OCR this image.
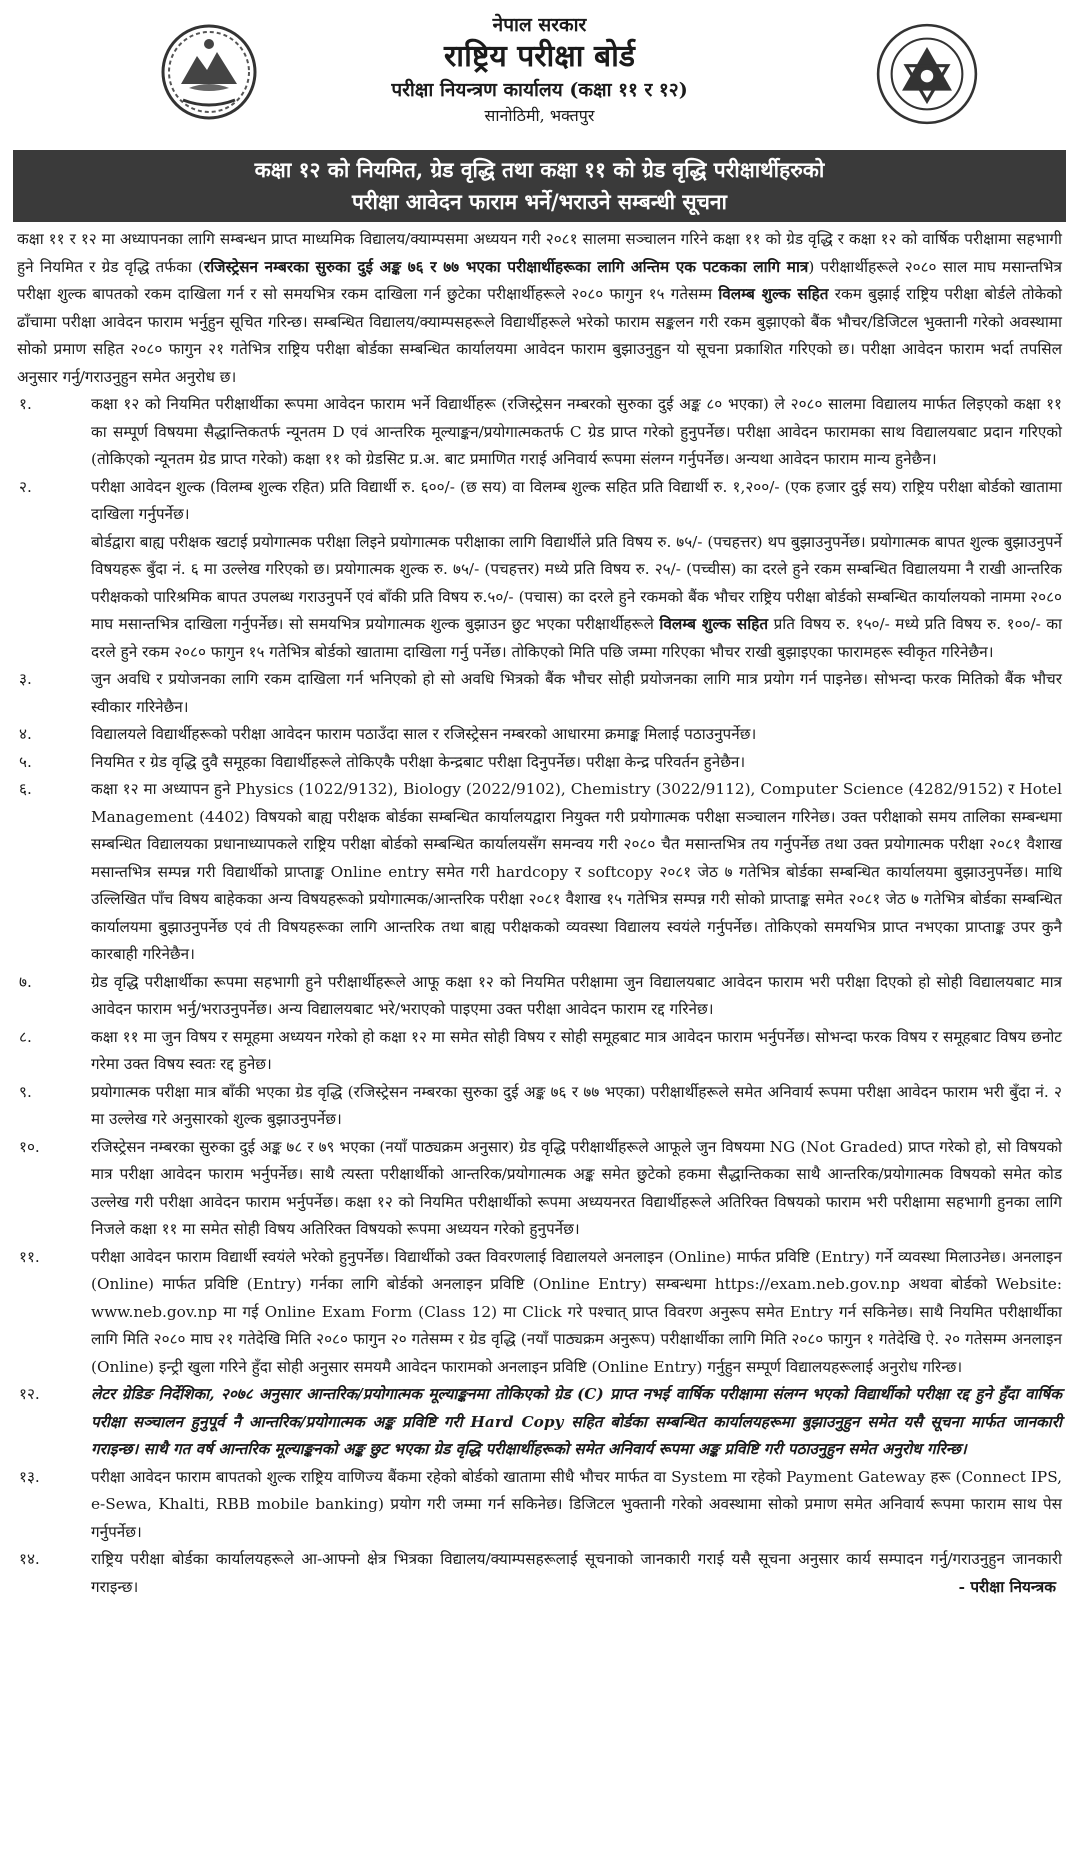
नेपाल सरकार
राष्ट्रिय परीक्षा बोर्ड
परीक्षा नियन्त्रण कार्यालय (कक्षा ११ र १२)
सानोठिमी, भक्तपुर
कक्षा १२ को नियमित, ग्रेड वृद्धि तथा कक्षा ११ को ग्रेड वृद्धि परीक्षार्थीहरुको
परीक्षा आवेदन फाराम भर्ने/भराउने सम्बन्धी सूचना

कक्षा ११ र १२ मा अध्यापनका लागि सम्बन्धन प्राप्त माध्यमिक विद्यालय/क्याम्पसमा अध्ययन गरी २०८१ सालमा सञ्चालन गरिने कक्षा ११ को ग्रेड वृद्धि र कक्षा १२ को वार्षिक परीक्षामा सहभागी हुने नियमित र ग्रेड वृद्धि तर्फका (रजिस्ट्रेसन नम्बरका सुरुका दुई अङ्क ७६ र ७७ भएका परीक्षार्थीहरूका लागि अन्तिम एक पटकका लागि मात्र) परीक्षार्थीहरूले २०८० साल माघ मसान्तभित्र परीक्षा शुल्क बापतको रकम दाखिला गर्न र सो समयभित्र रकम दाखिला गर्न छुटेका परीक्षार्थीहरूले २०८० फागुन १५ गतेसम्म विलम्ब शुल्क सहित रकम बुझाई राष्ट्रिय परीक्षा बोर्डले तोकेको ढाँचामा परीक्षा आवेदन फाराम भर्नुहुन सूचित गरिन्छ। सम्बन्धित विद्यालय/क्याम्पसहरूले विद्यार्थीहरूले भरेको फाराम सङ्कलन गरी रकम बुझाएको बैंक भौचर/डिजिटल भुक्तानी गरेको अवस्थामा सोको प्रमाण सहित २०८० फागुन २१ गतेभित्र राष्ट्रिय परीक्षा बोर्डका सम्बन्धित कार्यालयमा आवेदन फाराम बुझाउनुहुन यो सूचना प्रकाशित गरिएको छ। परीक्षा आवेदन फाराम भर्दा तपसिल अनुसार गर्नु/गराउनुहुन समेत अनुरोध छ।

१.	कक्षा १२ को नियमित परीक्षार्थीका रूपमा आवेदन फाराम भर्ने विद्यार्थीहरू (रजिस्ट्रेसन नम्बरको सुरुका दुई अङ्क ८० भएका) ले २०८० सालमा विद्यालय मार्फत लिइएको कक्षा ११ का सम्पूर्ण विषयमा सैद्धान्तिकतर्फ न्यूनतम D एवं आन्तरिक मूल्याङ्कन/प्रयोगात्मकतर्फ C ग्रेड प्राप्त गरेको हुनुपर्नेछ। परीक्षा आवेदन फारामका साथ विद्यालयबाट प्रदान गरिएको (तोकिएको न्यूनतम ग्रेड प्राप्त गरेको) कक्षा ११ को ग्रेडसिट प्र.अ. बाट प्रमाणित गराई अनिवार्य रूपमा संलग्न गर्नुपर्नेछ। अन्यथा आवेदन फाराम मान्य हुनेछैन।
२.	परीक्षा आवेदन शुल्क (विलम्ब शुल्क रहित) प्रति विद्यार्थी रु. ६००/- (छ सय) वा विलम्ब शुल्क सहित प्रति विद्यार्थी रु. १,२००/- (एक हजार दुई सय) राष्ट्रिय परीक्षा बोर्डको खातामा दाखिला गर्नुपर्नेछ।
बोर्डद्वारा बाह्य परीक्षक खटाई प्रयोगात्मक परीक्षा लिइने प्रयोगात्मक परीक्षाका लागि विद्यार्थीले प्रति विषय रु. ७५/- (पचहत्तर) थप बुझाउनुपर्नेछ। प्रयोगात्मक बापत शुल्क बुझाउनुपर्ने विषयहरू बुँदा नं. ६ मा उल्लेख गरिएको छ। प्रयोगात्मक शुल्क रु. ७५/- (पचहत्तर) मध्ये प्रति विषय रु. २५/- (पच्चीस) का दरले हुने रकम सम्बन्धित विद्यालयमा नै राखी आन्तरिक परीक्षकको पारिश्रमिक बापत उपलब्ध गराउनुपर्ने एवं बाँकी प्रति विषय रु.५०/- (पचास) का दरले हुने रकमको बैंक भौचर राष्ट्रिय परीक्षा बोर्डको सम्बन्धित कार्यालयको नाममा २०८० माघ मसान्तभित्र दाखिला गर्नुपर्नेछ। सो समयभित्र प्रयोगात्मक शुल्क बुझाउन छुट भएका परीक्षार्थीहरूले विलम्ब शुल्क सहित प्रति विषय रु. १५०/- मध्ये प्रति विषय रु. १००/- का दरले हुने रकम २०८० फागुन १५ गतेभित्र बोर्डको खातामा दाखिला गर्नु पर्नेछ। तोकिएको मिति पछि जम्मा गरिएका भौचर राखी बुझाइएका फारामहरू स्वीकृत गरिनेछैन।
३.	जुन अवधि र प्रयोजनका लागि रकम दाखिला गर्न भनिएको हो सो अवधि भित्रको बैंक भौचर सोही प्रयोजनका लागि मात्र प्रयोग गर्न पाइनेछ। सोभन्दा फरक मितिको बैंक भौचर स्वीकार गरिनेछैन।
४.	विद्यालयले विद्यार्थीहरूको परीक्षा आवेदन फाराम पठाउँदा साल र रजिस्ट्रेसन नम्बरको आधारमा क्रमाङ्क मिलाई पठाउनुपर्नेछ।
५.	नियमित र ग्रेड वृद्धि दुवै समूहका विद्यार्थीहरूले तोकिएकै परीक्षा केन्द्रबाट परीक्षा दिनुपर्नेछ। परीक्षा केन्द्र परिवर्तन हुनेछैन।
६.	कक्षा १२ मा अध्यापन हुने Physics (1022/9132), Biology (2022/9102), Chemistry (3022/9112), Computer Science (4282/9152) र Hotel Management (4402) विषयको बाह्य परीक्षक बोर्डका सम्बन्धित कार्यालयद्वारा नियुक्त गरी प्रयोगात्मक परीक्षा सञ्चालन गरिनेछ। उक्त परीक्षाको समय तालिका सम्बन्धमा सम्बन्धित विद्यालयका प्रधानाध्यापकले राष्ट्रिय परीक्षा बोर्डको सम्बन्धित कार्यालयसँग समन्वय गरी २०८० चैत मसान्तभित्र तय गर्नुपर्नेछ तथा उक्त प्रयोगात्मक परीक्षा २०८१ वैशाख मसान्तभित्र सम्पन्न गरी विद्यार्थीको प्राप्ताङ्क Online entry समेत गरी hardcopy र softcopy २०८१ जेठ ७ गतेभित्र बोर्डका सम्बन्धित कार्यालयमा बुझाउनुपर्नेछ। माथि उल्लिखित पाँच विषय बाहेकका अन्य विषयहरूको प्रयोगात्मक/आन्तरिक परीक्षा २०८१ वैशाख १५ गतेभित्र सम्पन्न गरी सोको प्राप्ताङ्क समेत २०८१ जेठ ७ गतेभित्र बोर्डका सम्बन्धित कार्यालयमा बुझाउनुपर्नेछ एवं ती विषयहरूका लागि आन्तरिक तथा बाह्य परीक्षकको व्यवस्था विद्यालय स्वयंले गर्नुपर्नेछ। तोकिएको समयभित्र प्राप्त नभएका प्राप्ताङ्क उपर कुनै कारबाही गरिनेछैन।
७.	ग्रेड वृद्धि परीक्षार्थीका रूपमा सहभागी हुने परीक्षार्थीहरूले आफू कक्षा १२ को नियमित परीक्षामा जुन विद्यालयबाट आवेदन फाराम भरी परीक्षा दिएको हो सोही विद्यालयबाट मात्र आवेदन फाराम भर्नु/भराउनुपर्नेछ। अन्य विद्यालयबाट भरे/भराएको पाइएमा उक्त परीक्षा आवेदन फाराम रद्द गरिनेछ।
८.	कक्षा ११ मा जुन विषय र समूहमा अध्ययन गरेको हो कक्षा १२ मा समेत सोही विषय र सोही समूहबाट मात्र आवेदन फाराम भर्नुपर्नेछ। सोभन्दा फरक विषय र समूहबाट विषय छनोट गरेमा उक्त विषय स्वतः रद्द हुनेछ।
९.	प्रयोगात्मक परीक्षा मात्र बाँकी भएका ग्रेड वृद्धि (रजिस्ट्रेसन नम्बरका सुरुका दुई अङ्क ७६ र ७७ भएका) परीक्षार्थीहरूले समेत अनिवार्य रूपमा परीक्षा आवेदन फाराम भरी बुँदा नं. २ मा उल्लेख गरे अनुसारको शुल्क बुझाउनुपर्नेछ।
१०.	रजिस्ट्रेसन नम्बरका सुरुका दुई अङ्क ७८ र ७९ भएका (नयाँ पाठ्यक्रम अनुसार) ग्रेड वृद्धि परीक्षार्थीहरूले आफूले जुन विषयमा NG (Not Graded) प्राप्त गरेको हो, सो विषयको मात्र परीक्षा आवेदन फाराम भर्नुपर्नेछ। साथै त्यस्ता परीक्षार्थीको आन्तरिक/प्रयोगात्मक अङ्क समेत छुटेको हकमा सैद्धान्तिकका साथै आन्तरिक/प्रयोगात्मक विषयको समेत कोड उल्लेख गरी परीक्षा आवेदन फाराम भर्नुपर्नेछ। कक्षा १२ को नियमित परीक्षार्थीको रूपमा अध्ययनरत विद्यार्थीहरूले अतिरिक्त विषयको फाराम भरी परीक्षामा सहभागी हुनका लागि निजले कक्षा ११ मा समेत सोही विषय अतिरिक्त विषयको रूपमा अध्ययन गरेको हुनुपर्नेछ।
११.	परीक्षा आवेदन फाराम विद्यार्थी स्वयंले भरेको हुनुपर्नेछ। विद्यार्थीको उक्त विवरणलाई विद्यालयले अनलाइन (Online) मार्फत प्रविष्टि (Entry) गर्ने व्यवस्था मिलाउनेछ। अनलाइन (Online) मार्फत प्रविष्टि (Entry) गर्नका लागि बोर्डको अनलाइन प्रविष्टि (Online Entry) सम्बन्धमा https://exam.neb.gov.np अथवा बोर्डको Website: www.neb.gov.np मा गई Online Exam Form (Class 12) मा Click गरे पश्चात् प्राप्त विवरण अनुरूप समेत Entry गर्न सकिनेछ। साथै नियमित परीक्षार्थीका लागि मिति २०८० माघ २१ गतेदेखि मिति २०८० फागुन २० गतेसम्म र ग्रेड वृद्धि (नयाँ पाठ्यक्रम अनुरूप) परीक्षार्थीका लागि मिति २०८० फागुन १ गतेदेखि ऐ. २० गतेसम्म अनलाइन (Online) इन्ट्री खुला गरिने हुँदा सोही अनुसार समयमै आवेदन फारामको अनलाइन प्रविष्टि (Online Entry) गर्नुहुन सम्पूर्ण विद्यालयहरूलाई अनुरोध गरिन्छ।
१२.	लेटर ग्रेडिङ निर्देशिका, २०७८ अनुसार आन्तरिक/प्रयोगात्मक मूल्याङ्कनमा तोकिएको ग्रेड (C) प्राप्त नभई वार्षिक परीक्षामा संलग्न भएको विद्यार्थीको परीक्षा रद्द हुने हुँदा वार्षिक परीक्षा सञ्चालन हुनुपूर्व नै आन्तरिक/प्रयोगात्मक अङ्क प्रविष्टि गरी Hard Copy सहित बोर्डका सम्बन्धित कार्यालयहरूमा बुझाउनुहुन समेत यसै सूचना मार्फत जानकारी गराइन्छ। साथै गत वर्ष आन्तरिक मूल्याङ्कनको अङ्क छुट भएका ग्रेड वृद्धि परीक्षार्थीहरूको समेत अनिवार्य रूपमा अङ्क प्रविष्टि गरी पठाउनुहुन समेत अनुरोध गरिन्छ।
१३.	परीक्षा आवेदन फाराम बापतको शुल्क राष्ट्रिय वाणिज्य बैंकमा रहेको बोर्डको खातामा सीधै भौचर मार्फत वा System मा रहेको Payment Gateway हरू (Connect IPS, e-Sewa, Khalti, RBB mobile banking) प्रयोग गरी जम्मा गर्न सकिनेछ। डिजिटल भुक्तानी गरेको अवस्थामा सोको प्रमाण समेत अनिवार्य रूपमा फाराम साथ पेस गर्नुपर्नेछ।
१४.	राष्ट्रिय परीक्षा बोर्डका कार्यालयहरूले आ-आफ्नो क्षेत्र भित्रका विद्यालय/क्याम्पसहरूलाई सूचनाको जानकारी गराई यसै सूचना अनुसार कार्य सम्पादन गर्नु/गराउनुहुन जानकारी गराइन्छ।	- परीक्षा नियन्त्रक
